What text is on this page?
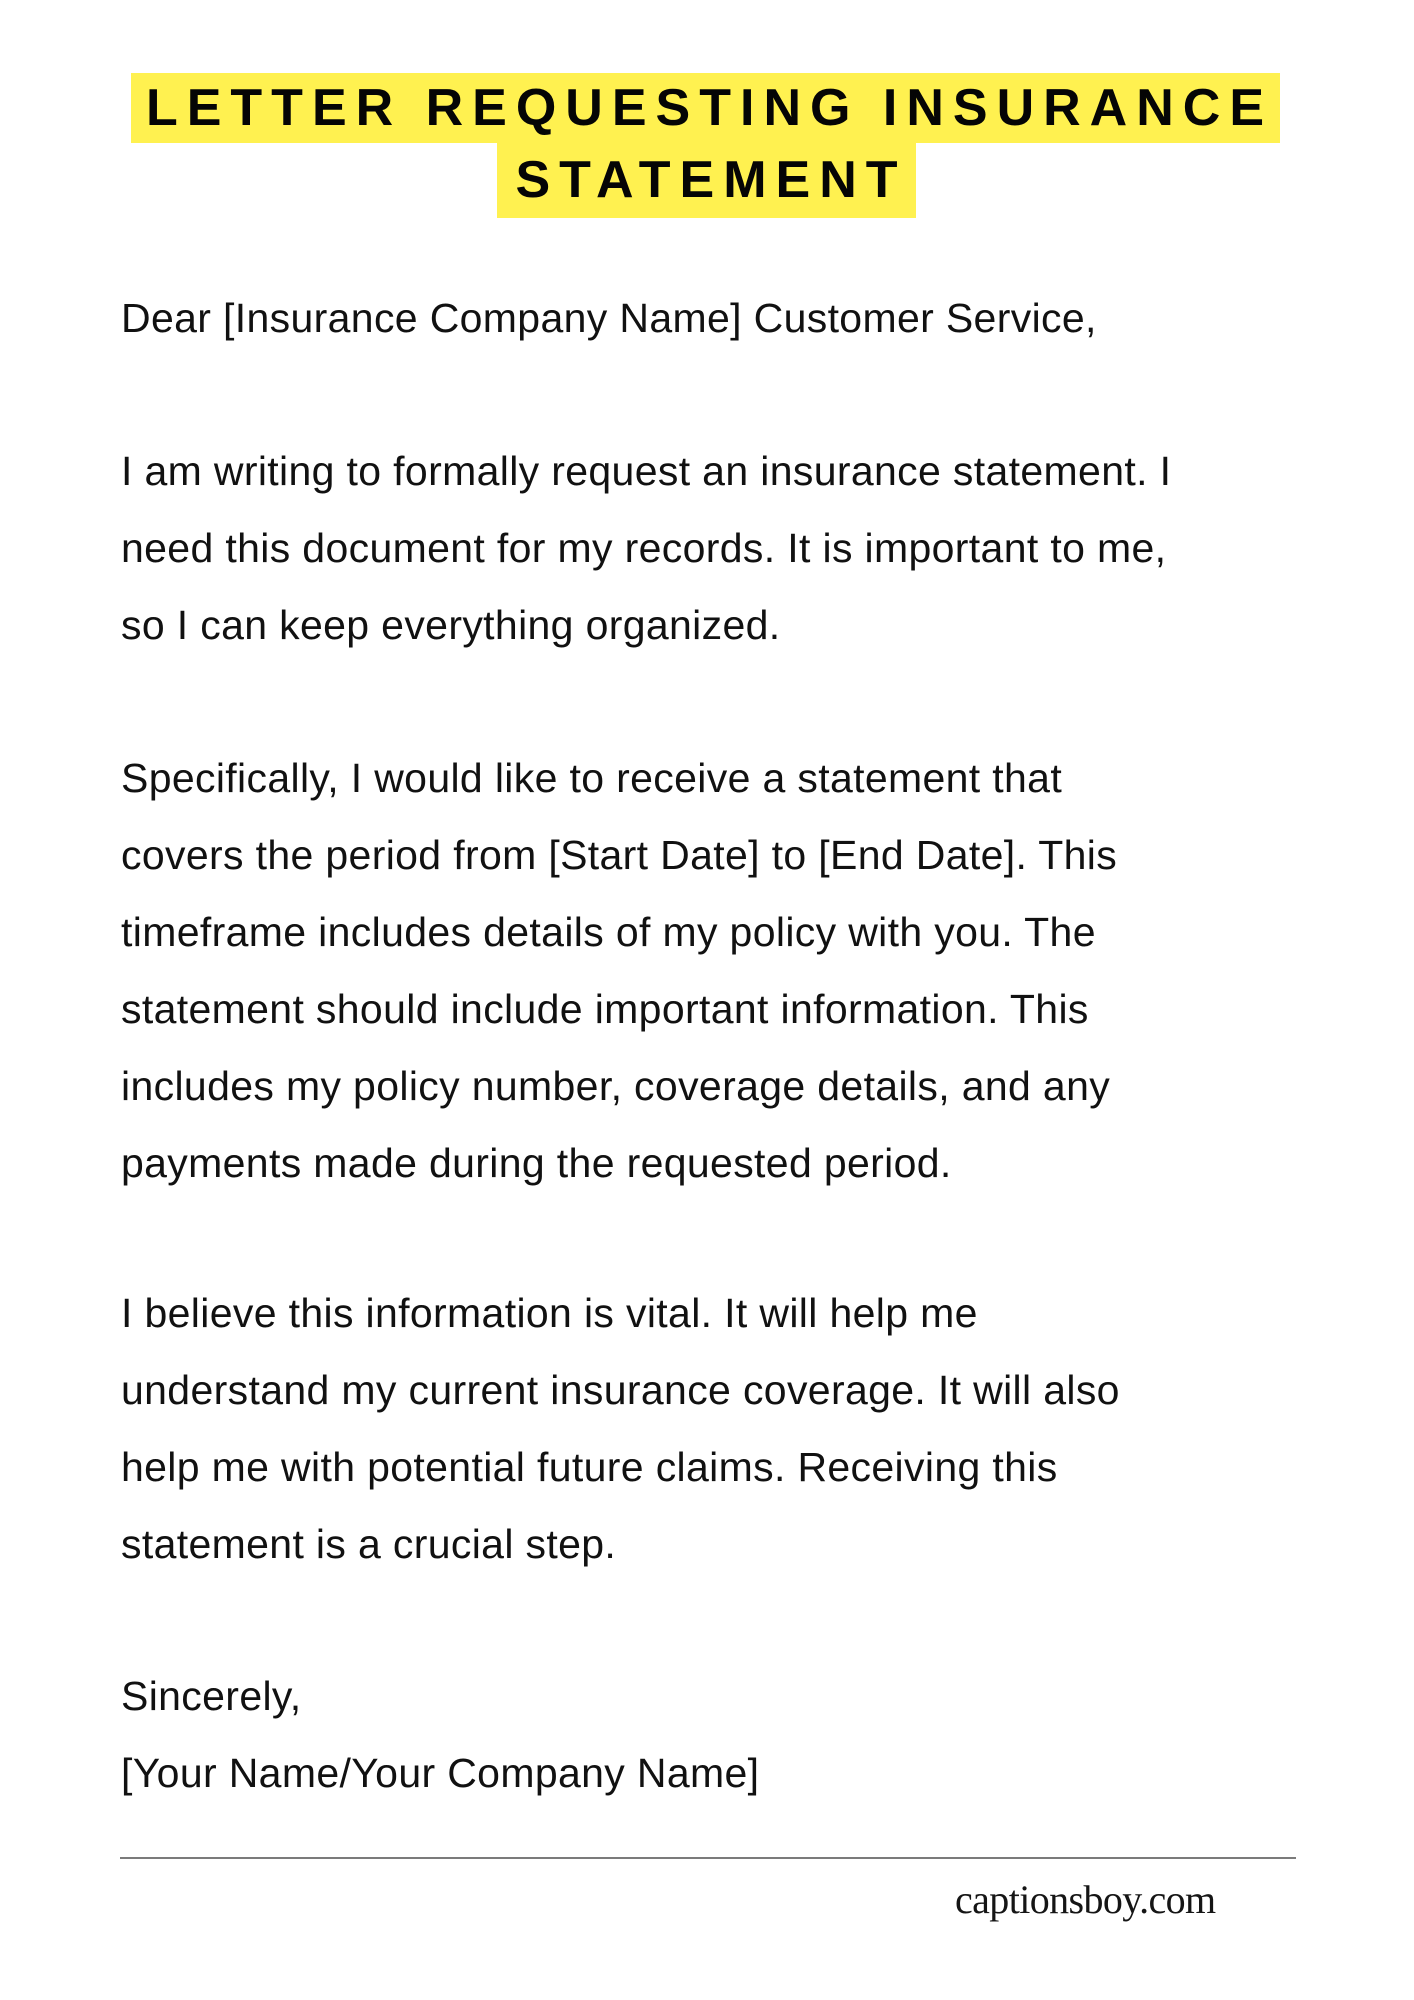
LETTER REQUESTING INSURANCE
STATEMENT
Dear [Insurance Company Name] Customer Service,
I am writing to formally request an insurance statement. I
need this document for my records. It is important to me,
so I can keep everything organized.
Specifically, I would like to receive a statement that
covers the period from [Start Date] to [End Date]. This
timeframe includes details of my policy with you. The
statement should include important information. This
includes my policy number, coverage details, and any
payments made during the requested period.
I believe this information is vital. It will help me
understand my current insurance coverage. It will also
help me with potential future claims. Receiving this
statement is a crucial step.
Sincerely,
[Your Name/Your Company Name]
captionsboy.com
